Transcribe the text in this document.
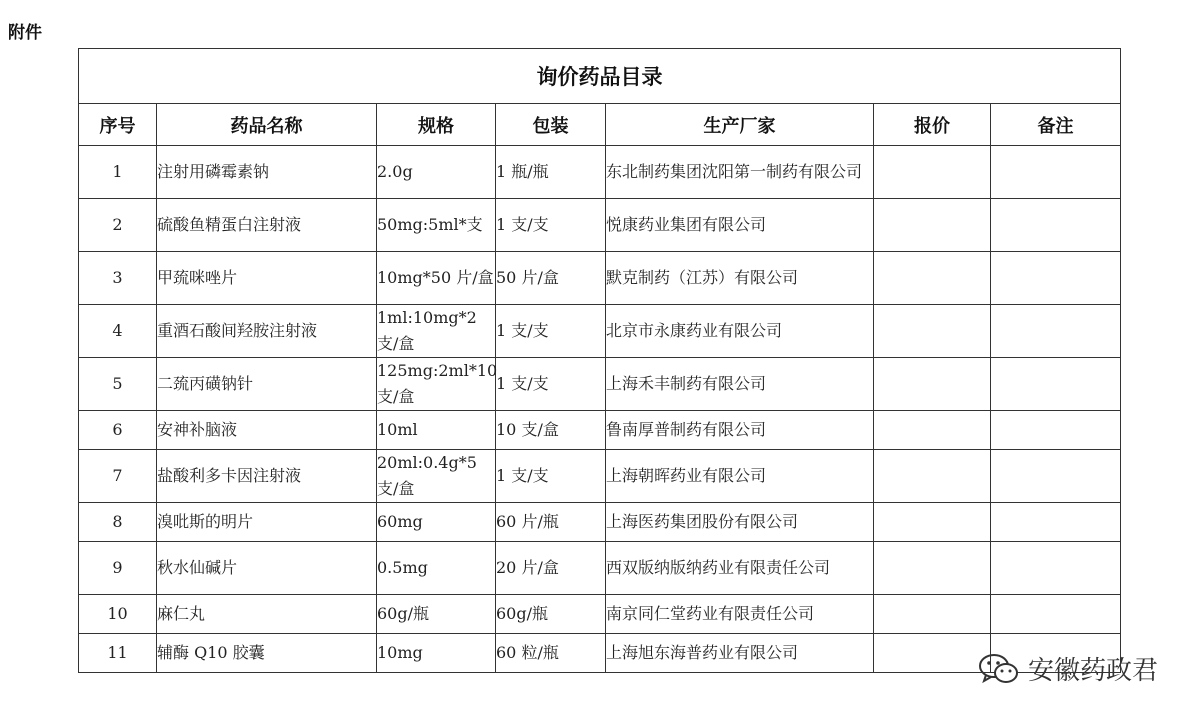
附件
询价药品目录						
序号	药品名称	规格	包装	生产厂家	报价	备注
1	注射用磷霉素钠	2.0g	1 瓶/瓶	东北制药集团沈阳第一制药有限公司		
2	硫酸鱼精蛋白注射液	50mg:5ml*支	1 支/支	悦康药业集团有限公司		
3	甲巯咪唑片	10mg*50 片/盒	50 片/盒	默克制药（江苏）有限公司		
4	重酒石酸间羟胺注射液	1ml:10mg*2 支/盒	1 支/支	北京市永康药业有限公司		
5	二巯丙磺钠针	125mg:2ml*10 支/盒	1 支/支	上海禾丰制药有限公司		
6	安神补脑液	10ml	10 支/盒	鲁南厚普制药有限公司		
7	盐酸利多卡因注射液	20ml:0.4g*5 支/盒	1 支/支	上海朝晖药业有限公司		
8	溴吡斯的明片	60mg	60 片/瓶	上海医药集团股份有限公司		
9	秋水仙碱片	0.5mg	20 片/盒	西双版纳版纳药业有限责任公司		
10	麻仁丸	60g/瓶	60g/瓶	南京同仁堂药业有限责任公司		
11	辅酶 Q10 胶囊	10mg	60 粒/瓶	上海旭东海普药业有限公司		
安徽药政君
